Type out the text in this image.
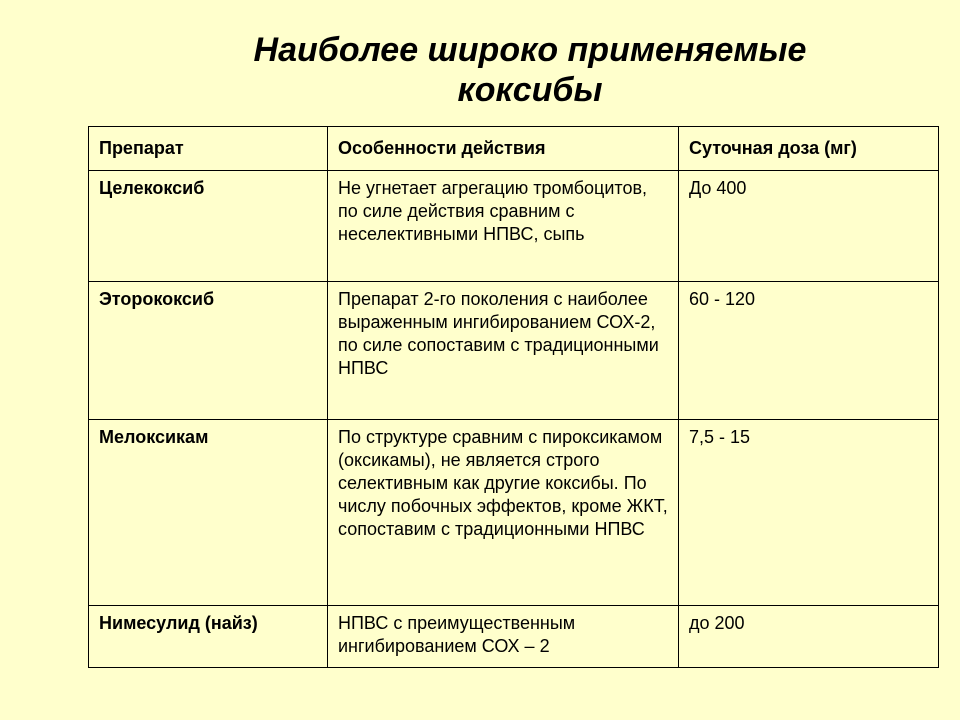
Наиболее широко применяемые
коксибы
Препарат	Особенности действия	Суточная доза (мг)
Целекоксиб	Не угнетает агрегацию тромбоцитов, по силе действия сравним с неселективными НПВС, сыпь	До 400
Эторококсиб	Препарат 2-го поколения с наиболее выраженным ингибированием СОХ-2, по силе сопоставим с традиционными НПВС	60 - 120
Мелоксикам	По структуре сравним с пироксикамом (оксикамы), не является строго селективным как другие коксибы. По числу побочных эффектов, кроме ЖКТ, сопоставим с традиционными НПВС	7,5 - 15
Нимесулид (найз)	НПВС с преимущественным ингибированием СОХ – 2	до 200
